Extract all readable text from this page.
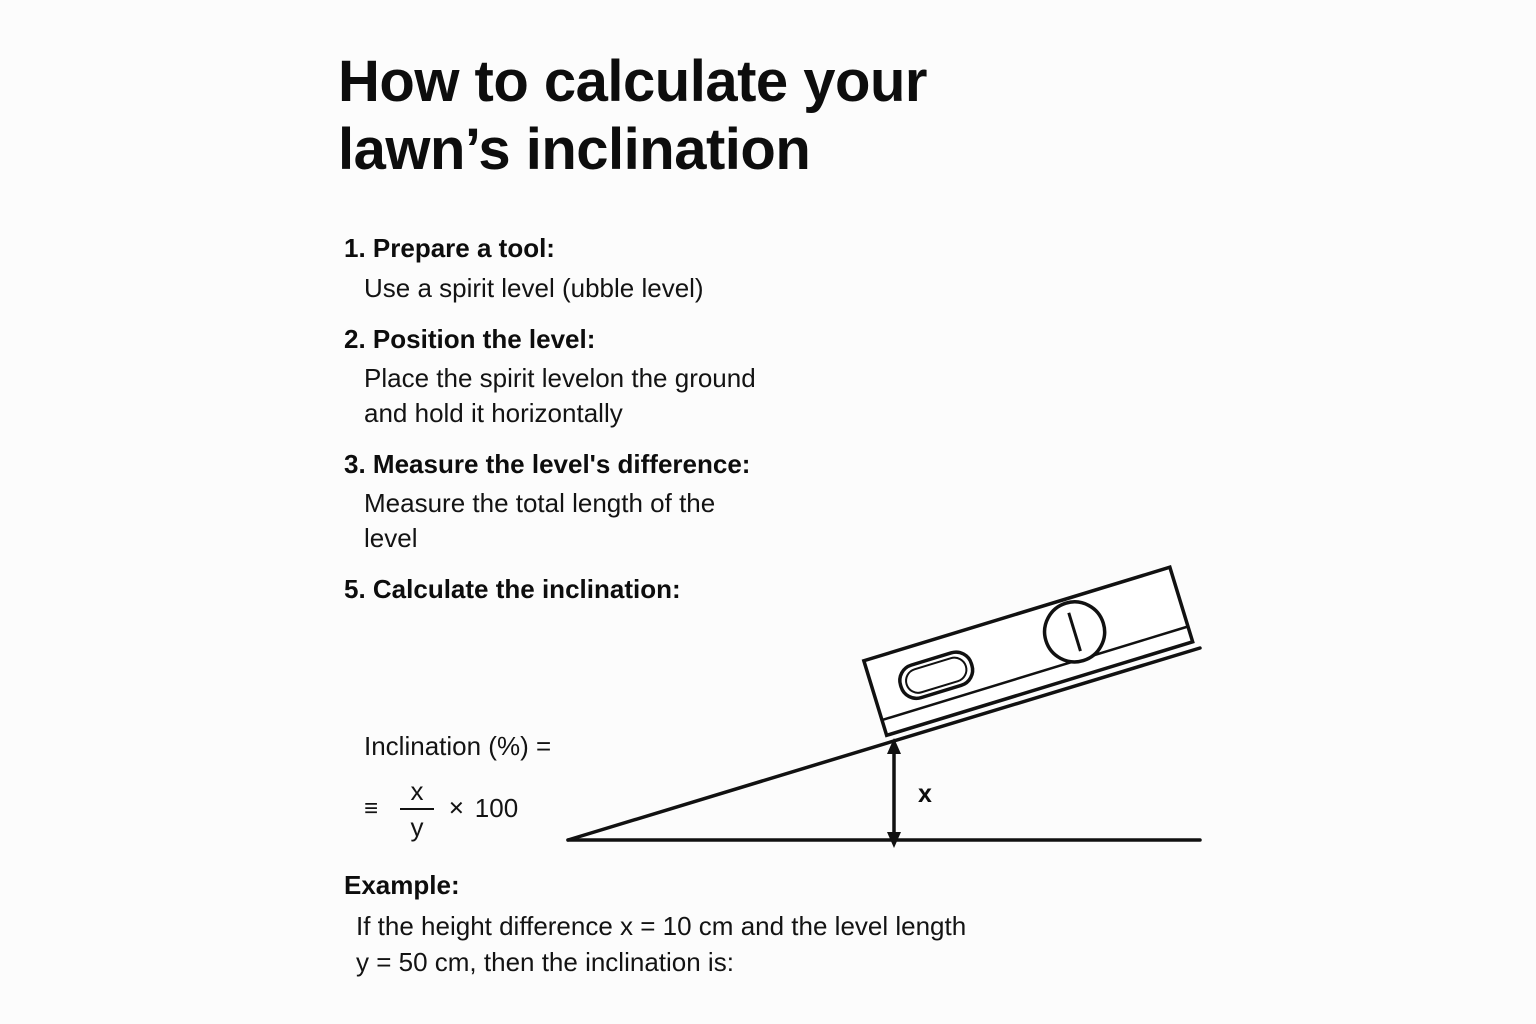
How to calculate your lawn’s inclination
1. Prepare a tool:
Use a spirit level (ubble level)
2. Position the level:
Place the spirit levelon the ground
and hold it horizontally
3. Measure the level's difference:
Measure the total length of the
level
5. Calculate the inclination:
Inclination (%) =
≡ $\frac{x}{y}$ ✕ 100
Example:
If the height difference x = 10 cm and the level length
y = 50 cm, then the inclination is:
x
